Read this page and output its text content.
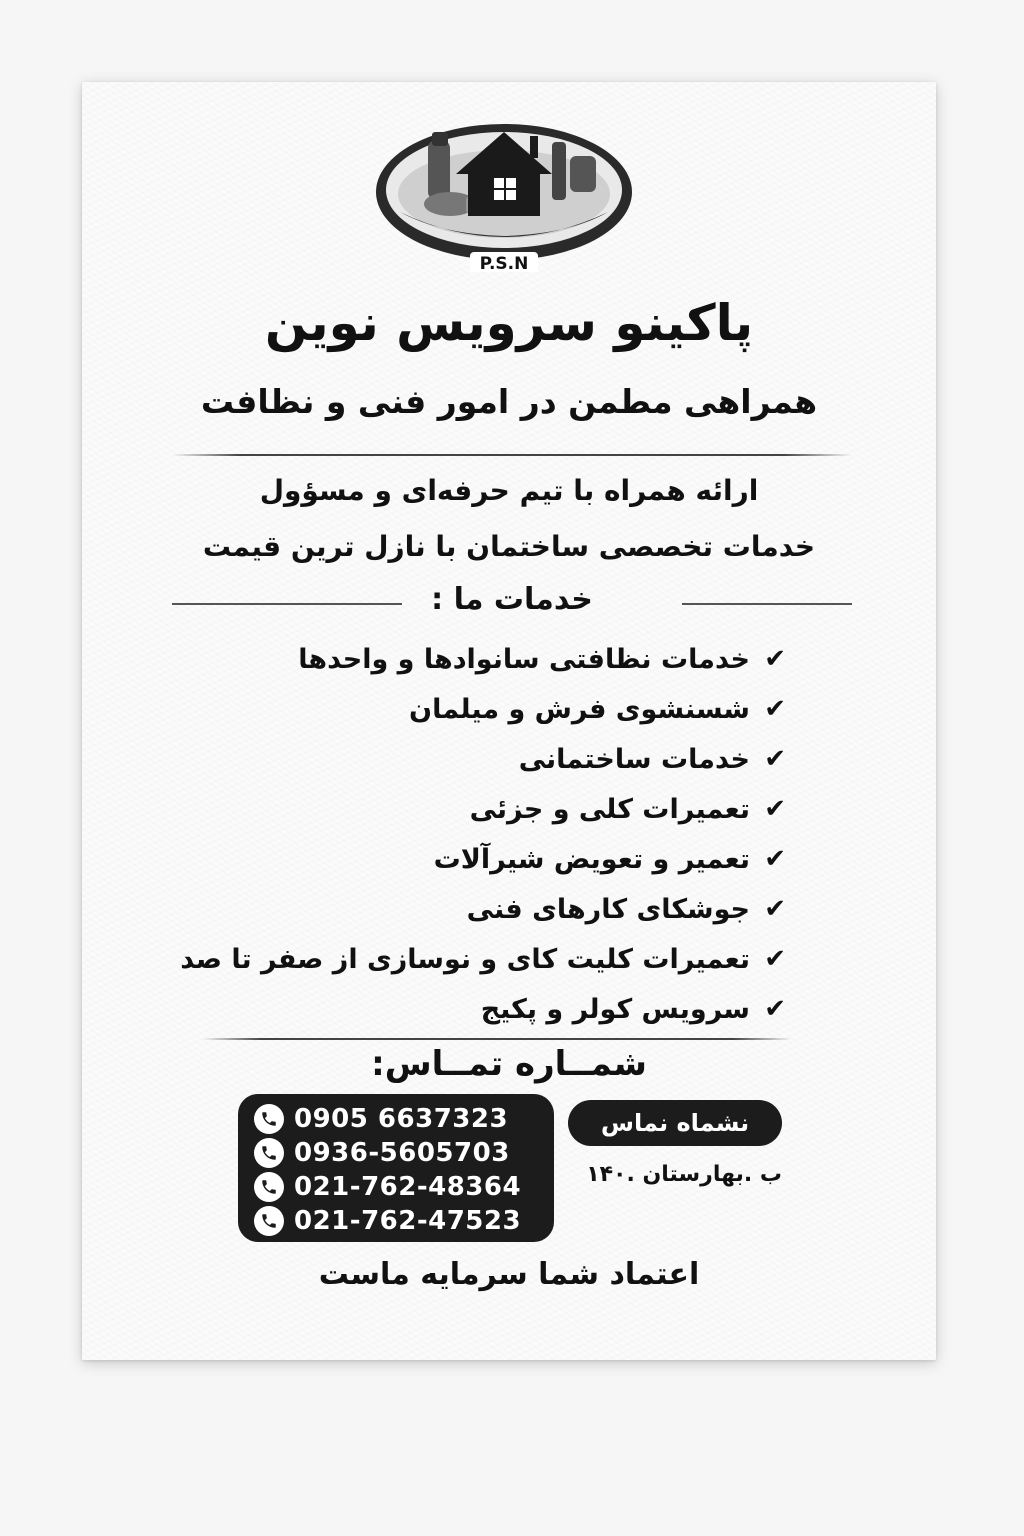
P.S.N
پاکینو سرویس نوین
همراهی مطمن در امور فنی و نظافت
ارائه همراه با تیم حرفه‌ای و مسؤول
خدمات تخصصی ساختمان با نازل ترین قیمت
خدمات ما :
✔
خدمات نظافتی سانوادها و واحدها
✔
شسنشوی فرش و میلمان
✔
خدمات ساختمانی
✔
تعمیرات کلی و جزئی
✔
تعمیر و تعویض شیرآلات
✔
جوشکای کارهای فنی
✔
تعمیرات کلیت کای و نوسازی از صفر تا صد
✔
سرویس کولر و پکیج
شمــاره تمــاس:
0905 6637323
0936-5605703
021-762-48364
021-762-47523
نشماه نماس
ب .بهارستان .۱۴۰
اعتماد شما سرمایه ماست
